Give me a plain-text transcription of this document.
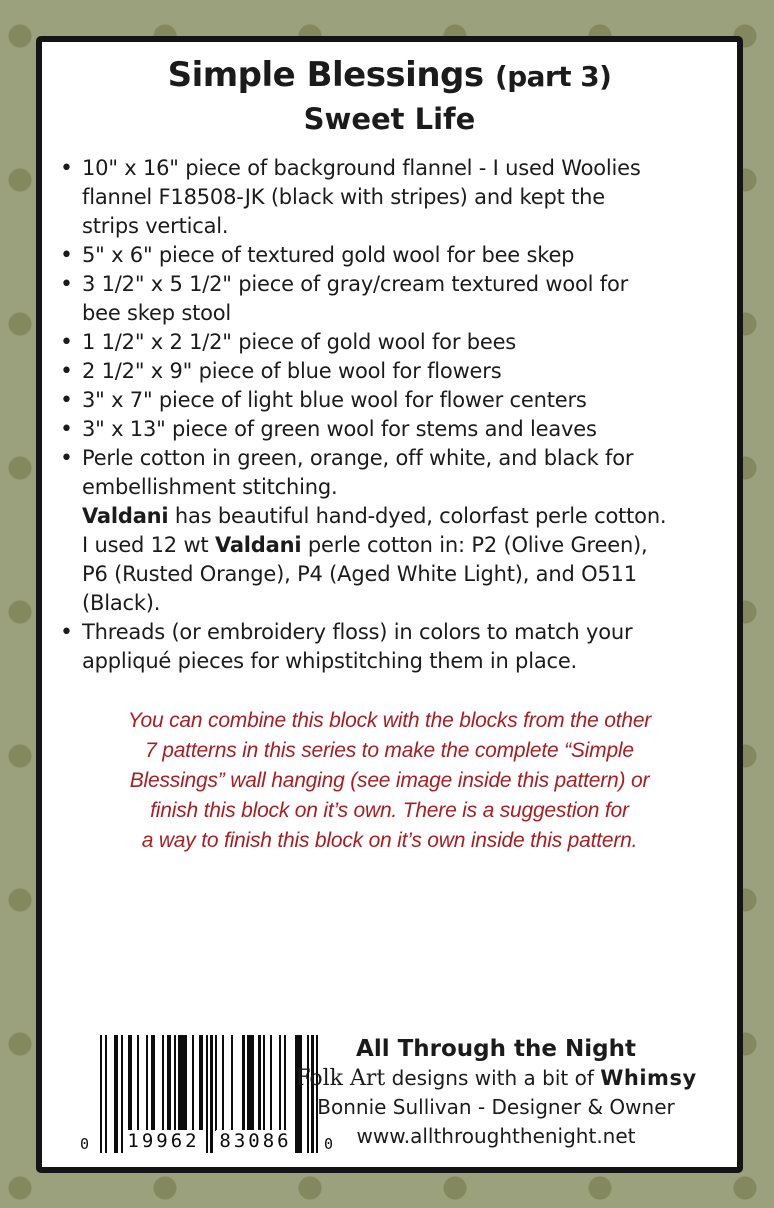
Simple Blessings (part 3)
Sweet Life
• 10" x 16" piece of background flannel - I used Woolies
flannel F18508-JK (black with stripes) and kept the
strips vertical.
• 5" x 6" piece of textured gold wool for bee skep
• 3 1/2" x 5 1/2" piece of gray/cream textured wool for
bee skep stool
• 1 1/2" x 2 1/2" piece of gold wool for bees
• 2 1/2" x 9" piece of blue wool for flowers
• 3" x 7" piece of light blue wool for flower centers
• 3" x 13" piece of green wool for stems and leaves
• Perle cotton in green, orange, off white, and black for
embellishment stitching.
Valdani has beautiful hand-dyed, colorfast perle cotton.
I used 12 wt Valdani perle cotton in: P2 (Olive Green),
P6 (Rusted Orange), P4 (Aged White Light), and O511
(Black).
• Threads (or embroidery floss) in colors to match your
appliqué pieces for whipstitching them in place.
You can combine this block with the blocks from the other
7 patterns in this series to make the complete “Simple
Blessings” wall hanging (see image inside this pattern) or
finish this block on it’s own. There is a suggestion for
a way to finish this block on it’s own inside this pattern.
0 19962 83086 0
All Through the Night
Folk Art designs with a bit of Whimsy
Bonnie Sullivan - Designer & Owner
www.allthroughthenight.net
